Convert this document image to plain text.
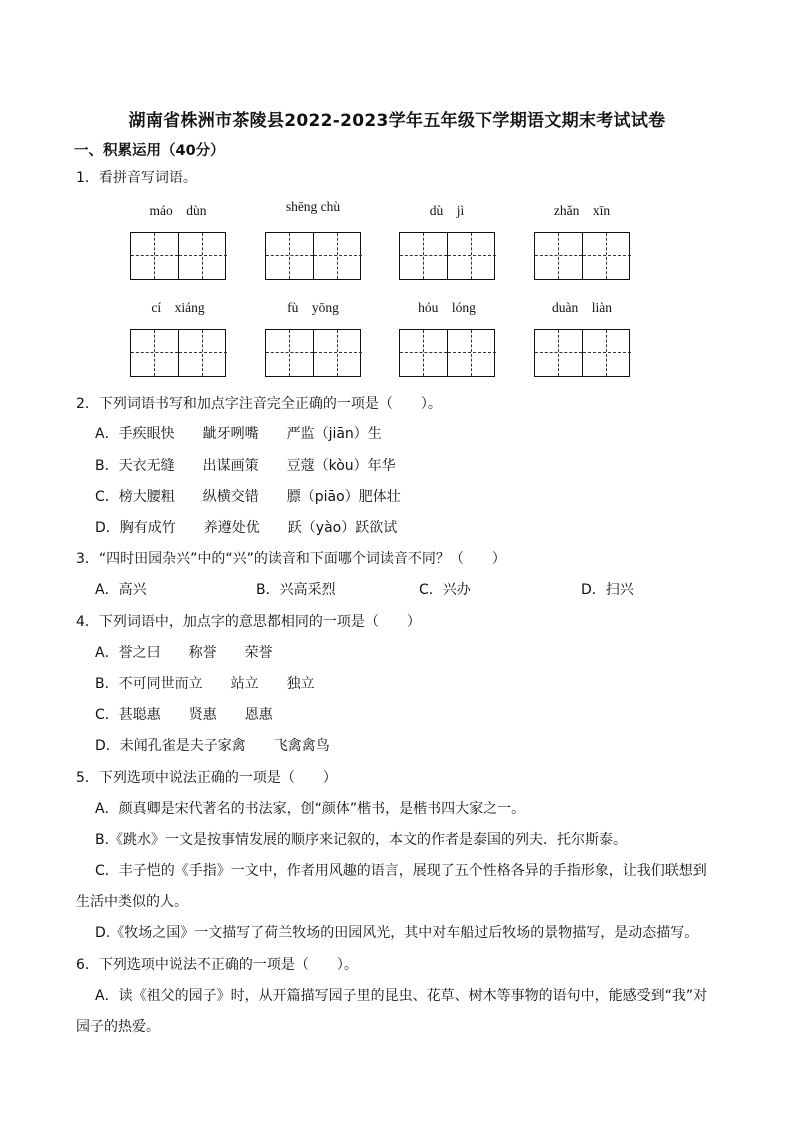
湖南省株洲市茶陵县2022-2023学年五年级下学期语文期末考试试卷
一、积累运用（40分）
1．看拼音写词语。
máo　dùn	shēng chù	dù　jì	zhǎn　xīn
cí　xiáng	fù　yōng	hóu　lóng	duàn　liàn
2．下列词语书写和加点字注音完全正确的一项是（　　）。
A．手疾眼快　　龇牙咧嘴　　严监（jiān）生
B．天衣无缝　　出谋画策　　豆蔻（kòu）年华
C．榜大腰粗　　纵横交错　　膘（piāo）肥体壮
D．胸有成竹　　养遵处优　　跃（yào）跃欲试
3．“四时田园杂兴”中的“兴”的读音和下面哪个词读音不同？（　　）
A．高兴	B．兴高采烈	C．兴办	D．扫兴
4．下列词语中，加点字的意思都相同的一项是（　　）
A．誉之曰　　称誉　　荣誉
B．不可同世而立　　站立　　独立
C．甚聪惠　　贤惠　　恩惠
D．未闻孔雀是夫子家禽　　飞禽禽鸟
5．下列选项中说法正确的一项是（　　）
A．颜真卿是宋代著名的书法家，创“颜体”楷书，是楷书四大家之一。
B.《跳水》一文是按事情发展的顺序来记叙的，本文的作者是泰国的列夫．托尔斯泰。
C．丰子恺的《手指》一文中，作者用风趣的语言，展现了五个性格各异的手指形象，让我们联想到
生活中类似的人。
D.《牧场之国》一文描写了荷兰牧场的田园风光，其中对车船过后牧场的景物描写，是动态描写。
6．下列选项中说法不正确的一项是（　　）。
A．读《祖父的园子》时，从开篇描写园子里的昆虫、花草、树木等事物的语句中，能感受到“我”对
园子的热爱。
